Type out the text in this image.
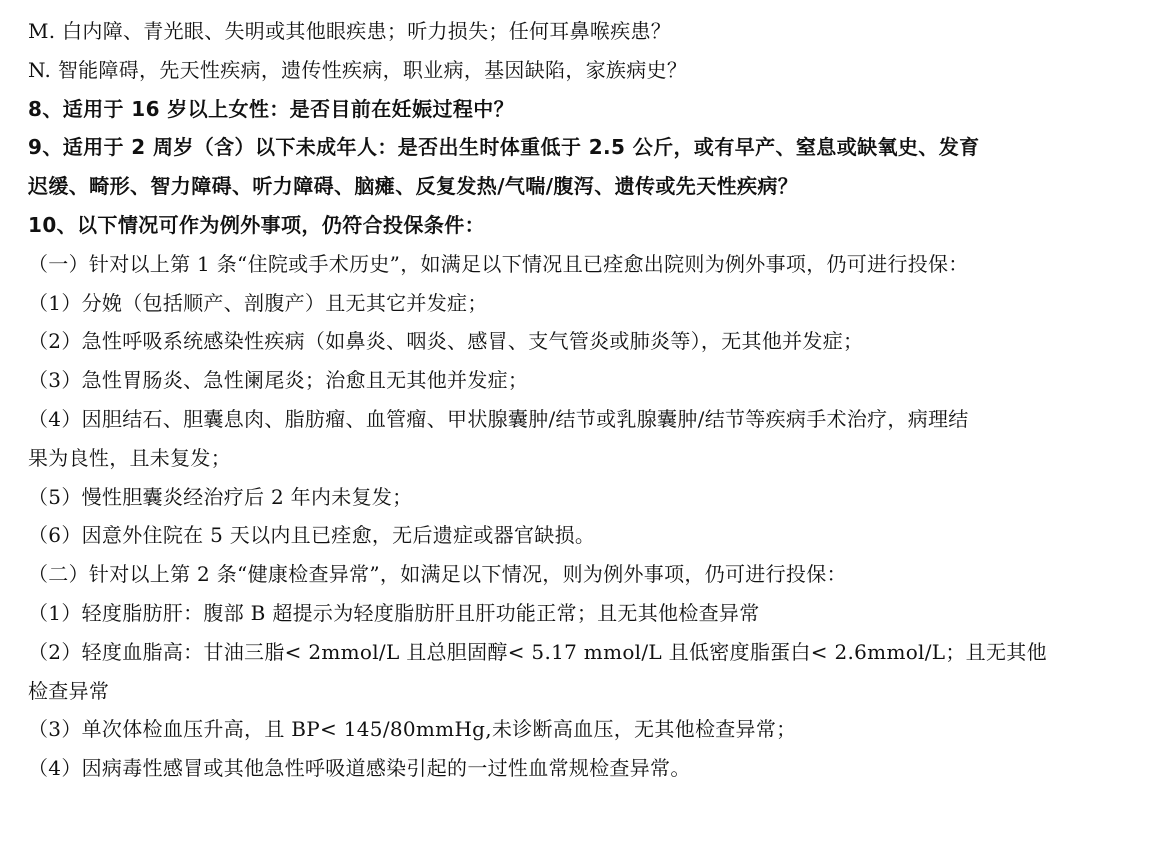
M. 白内障、青光眼、失明或其他眼疾患；听力损失；任何耳鼻喉疾患？
N. 智能障碍，先天性疾病，遗传性疾病，职业病，基因缺陷，家族病史？
8、适用于 16 岁以上女性：是否目前在妊娠过程中？
9、适用于 2 周岁（含）以下未成年人：是否出生时体重低于 2.5 公斤，或有早产、窒息或缺氧史、发育
迟缓、畸形、智力障碍、听力障碍、脑瘫、反复发热/气喘/腹泻、遗传或先天性疾病？
10、以下情况可作为例外事项，仍符合投保条件：
（一）针对以上第 1 条“住院或手术历史”，如满足以下情况且已痊愈出院则为例外事项，仍可进行投保：
（1）分娩（包括顺产、剖腹产）且无其它并发症；
（2）急性呼吸系统感染性疾病（如鼻炎、咽炎、感冒、支气管炎或肺炎等），无其他并发症；
（3）急性胃肠炎、急性阑尾炎；治愈且无其他并发症；
（4）因胆结石、胆囊息肉、脂肪瘤、血管瘤、甲状腺囊肿/结节或乳腺囊肿/结节等疾病手术治疗，病理结
果为良性，且未复发；
（5）慢性胆囊炎经治疗后 2 年内未复发；
（6）因意外住院在 5 天以内且已痊愈，无后遗症或器官缺损。
（二）针对以上第 2 条“健康检查异常”，如满足以下情况，则为例外事项，仍可进行投保：
（1）轻度脂肪肝：腹部 B 超提示为轻度脂肪肝且肝功能正常；且无其他检查异常
（2）轻度血脂高：甘油三脂< 2mmol/L 且总胆固醇< 5.17 mmol/L 且低密度脂蛋白< 2.6mmol/L；且无其他
检查异常
（3）单次体检血压升高，且 BP< 145/80mmHg,未诊断高血压，无其他检查异常；
（4）因病毒性感冒或其他急性呼吸道感染引起的一过性血常规检查异常。
